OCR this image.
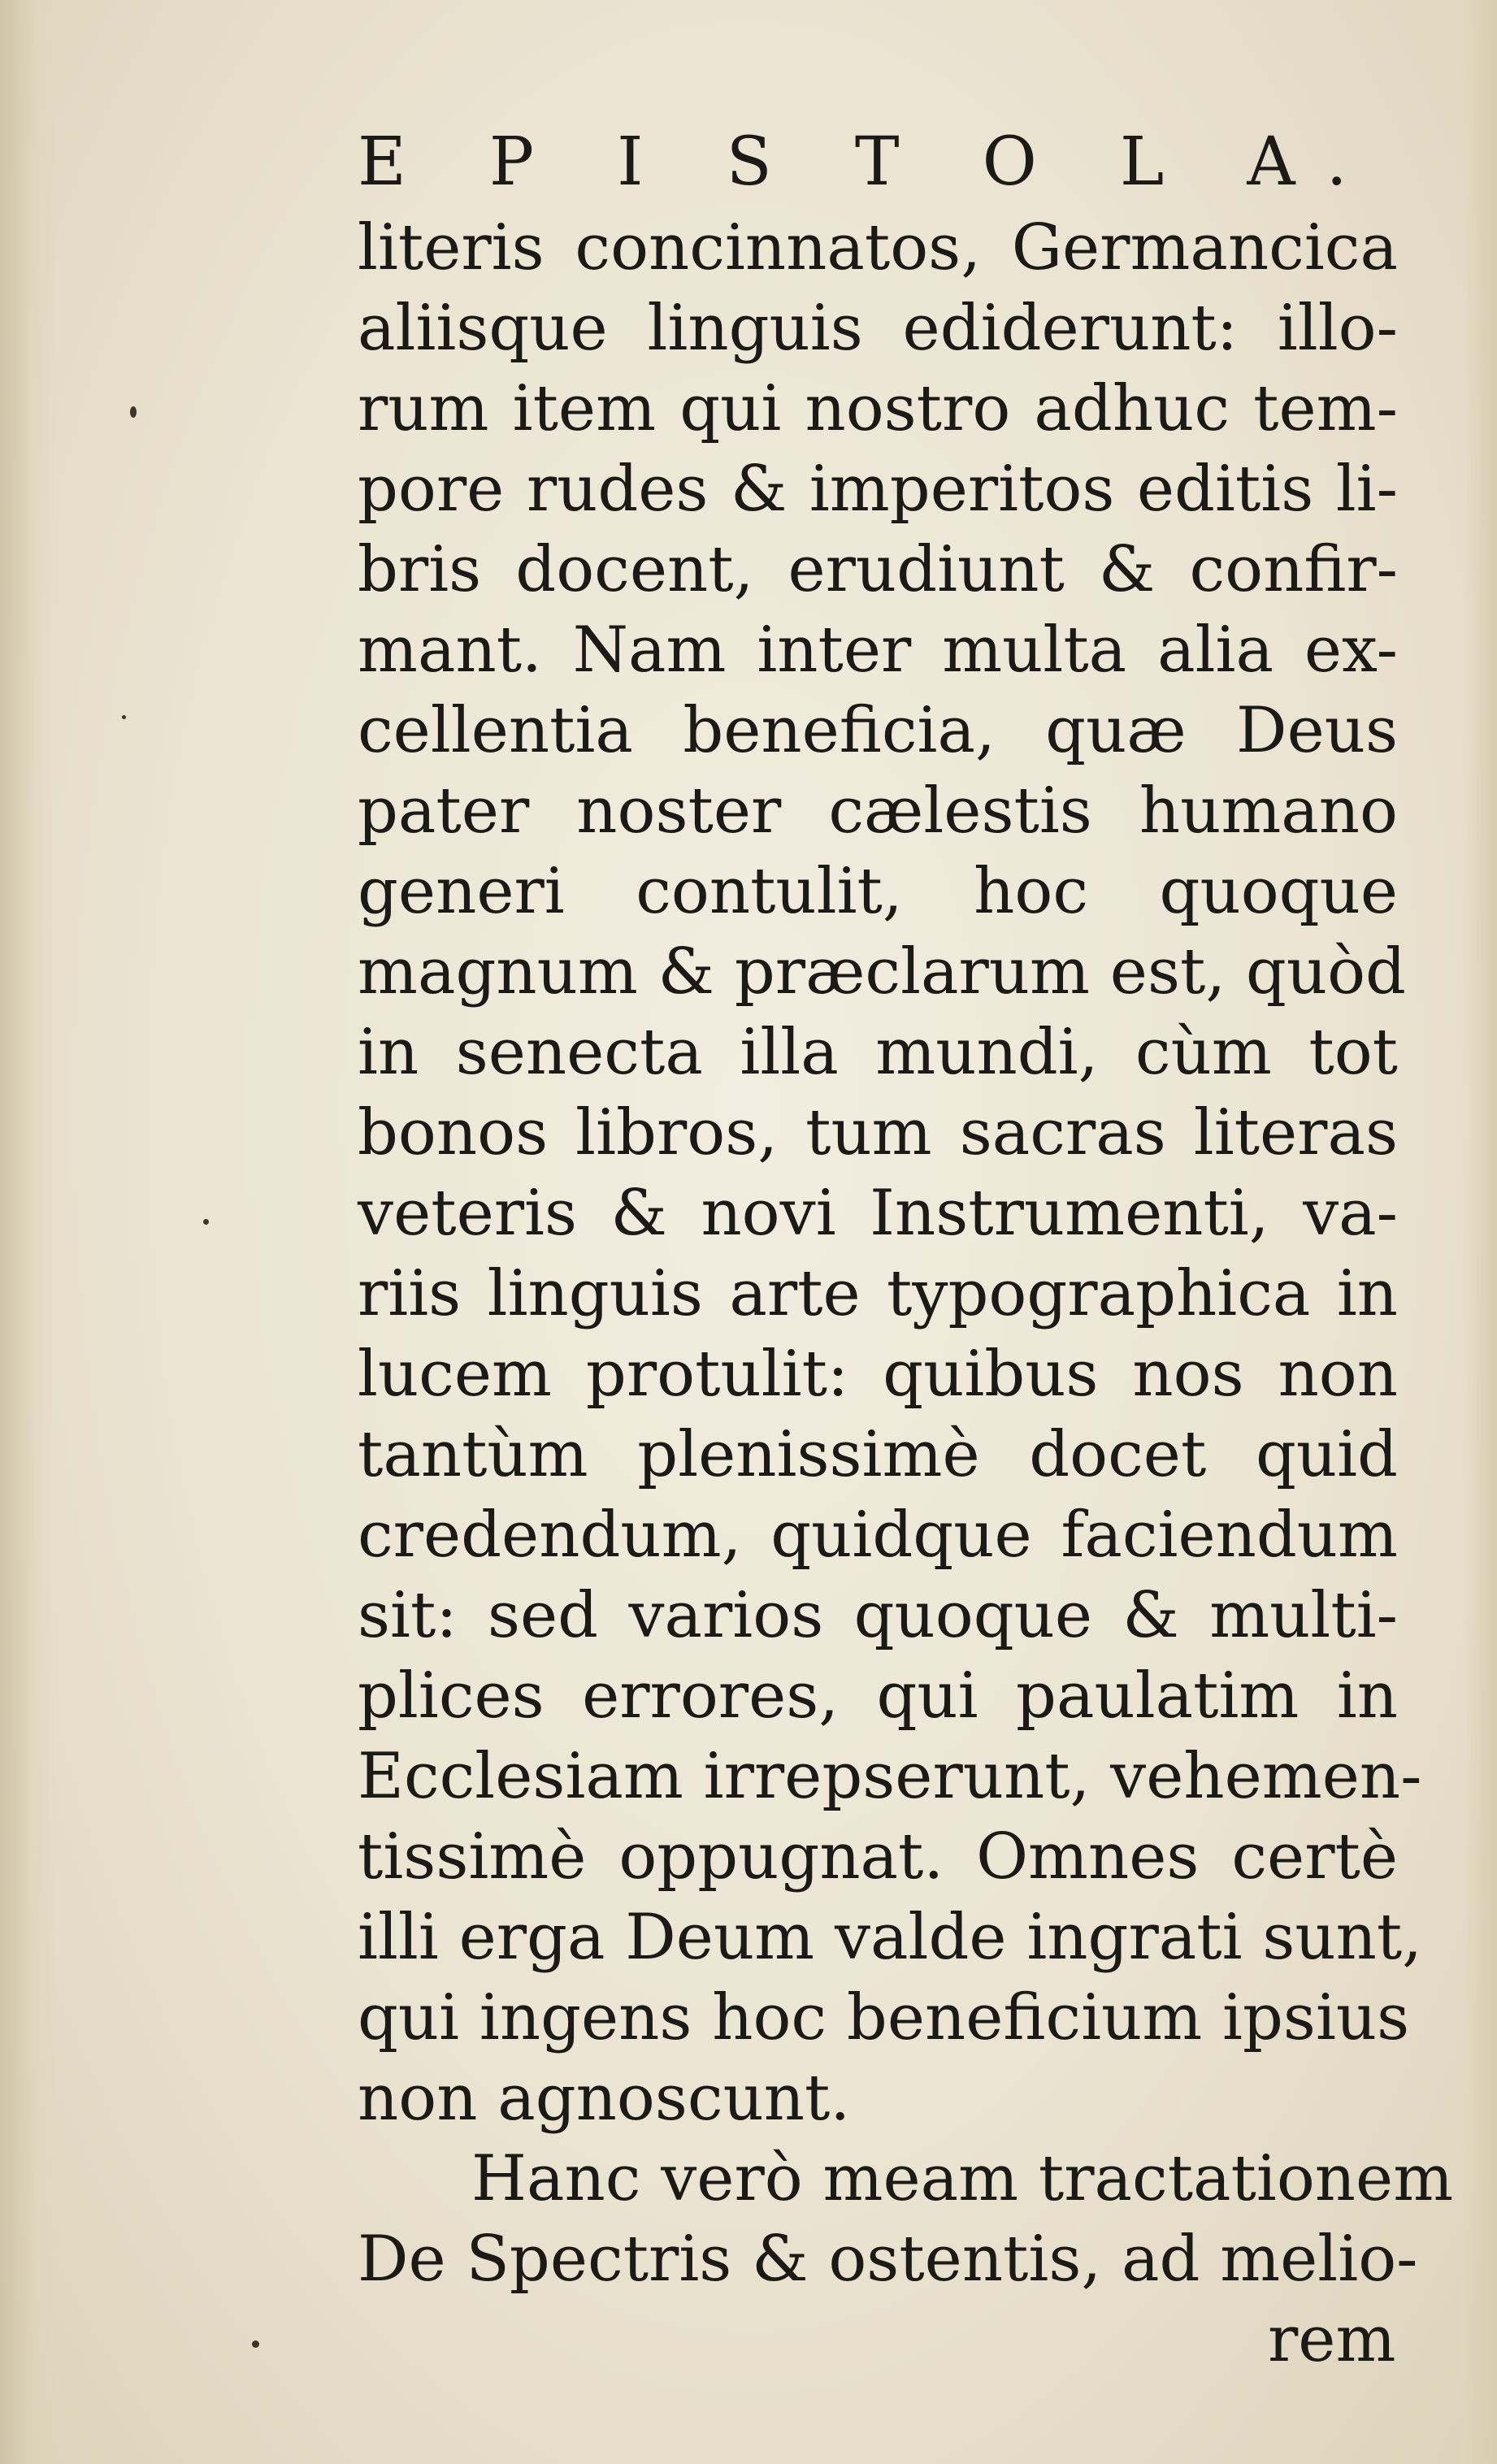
E P I S T O L A.
literis concinnatos, Germancica
aliisque linguis ediderunt: illo-
rum item qui nostro adhuc tem-
pore rudes & imperitos editis li-
bris docent, erudiunt & confir-
mant. Nam inter multa alia ex-
cellentia beneficia, quæ Deus
pater noster cælestis humano
generi contulit, hoc quoque
magnum & præclarum est, quòd
in senecta illa mundi, cùm tot
bonos libros, tum sacras literas
veteris & novi Instrumenti, va-
riis linguis arte typographica in
lucem protulit: quibus nos non
tantùm plenissimè docet quid
credendum, quidque faciendum
sit: sed varios quoque & multi-
plices errores, qui paulatim in
Ecclesiam irrepserunt, vehemen-
tissimè oppugnat. Omnes certè
illi erga Deum valde ingrati sunt,
qui ingens hoc beneficium ipsius
non agnoscunt.
Hanc verò meam tractationem
De Spectris & ostentis, ad melio-
rem
